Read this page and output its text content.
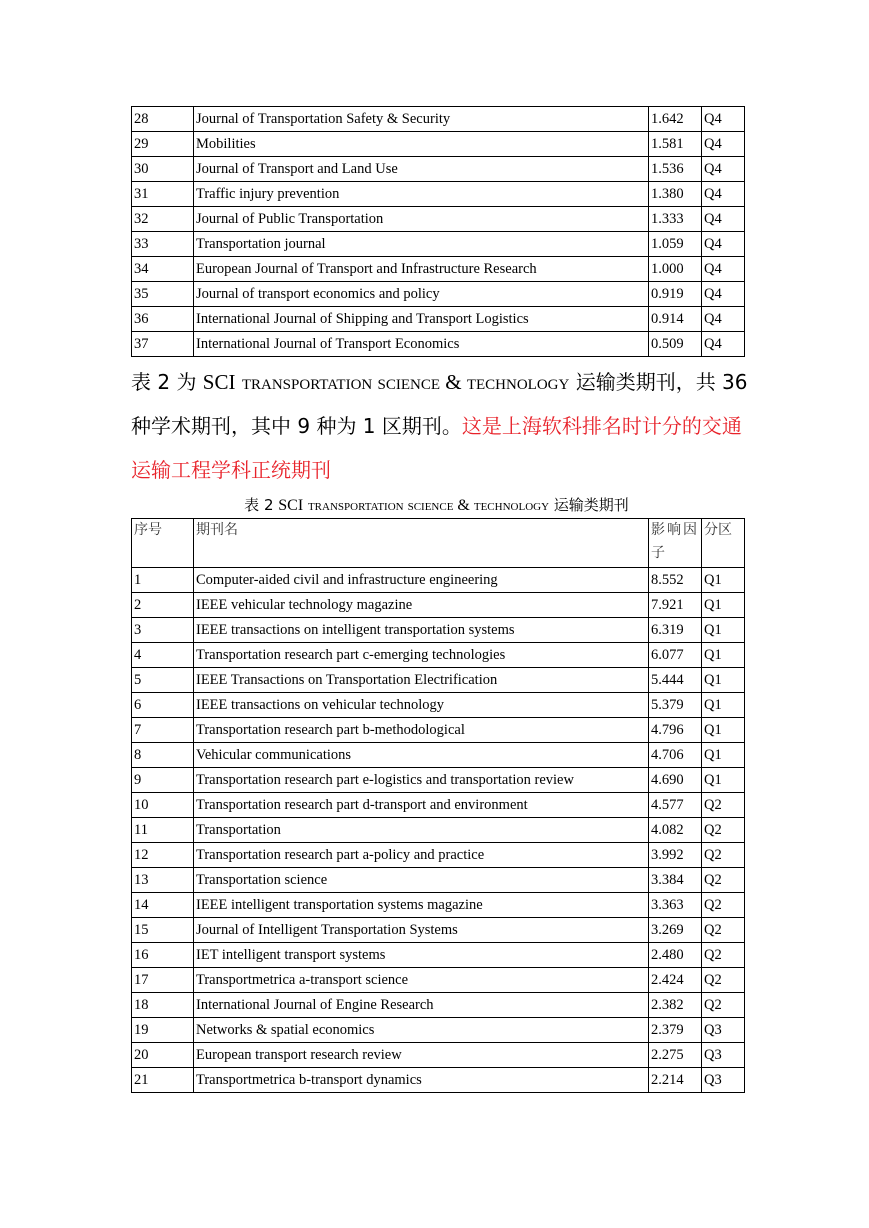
28	Journal of Transportation Safety & Security	1.642	Q4
29	Mobilities	1.581	Q4
30	Journal of Transport and Land Use	1.536	Q4
31	Traffic injury prevention	1.380	Q4
32	Journal of Public Transportation	1.333	Q4
33	Transportation journal	1.059	Q4
34	European Journal of Transport and Infrastructure Research	1.000	Q4
35	Journal of transport economics and policy	0.919	Q4
36	International Journal of Shipping and Transport Logistics	0.914	Q4
37	International Journal of Transport Economics	0.509	Q4
表 2 为 SCI transportation science & technology 运输类期刊，共 36
种学术期刊，其中 9 种为 1 区期刊。这是上海软科排名时计分的交通运输工程学科正统期刊
表 2 SCI transportation science & technology 运输类期刊
序号	期刊名	影响因子	分区
1	Computer-aided civil and infrastructure engineering	8.552	Q1
2	IEEE vehicular technology magazine	7.921	Q1
3	IEEE transactions on intelligent transportation systems	6.319	Q1
4	Transportation research part c-emerging technologies	6.077	Q1
5	IEEE Transactions on Transportation Electrification	5.444	Q1
6	IEEE transactions on vehicular technology	5.379	Q1
7	Transportation research part b-methodological	4.796	Q1
8	Vehicular communications	4.706	Q1
9	Transportation research part e-logistics and transportation review	4.690	Q1
10	Transportation research part d-transport and environment	4.577	Q2
11	Transportation	4.082	Q2
12	Transportation research part a-policy and practice	3.992	Q2
13	Transportation science	3.384	Q2
14	IEEE intelligent transportation systems magazine	3.363	Q2
15	Journal of Intelligent Transportation Systems	3.269	Q2
16	IET intelligent transport systems	2.480	Q2
17	Transportmetrica a-transport science	2.424	Q2
18	International Journal of Engine Research	2.382	Q2
19	Networks & spatial economics	2.379	Q3
20	European transport research review	2.275	Q3
21	Transportmetrica b-transport dynamics	2.214	Q3
